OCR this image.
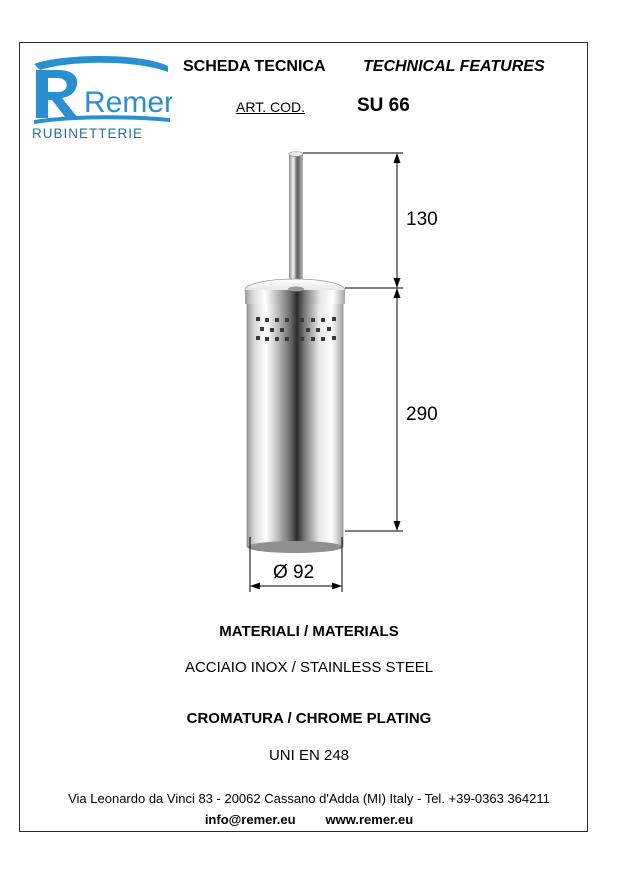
Remer
RUBINETTERIE
SCHEDA TECNICA TECHNICAL FEATURES
ART. COD.	SU 66
130
290
Ø 92
MATERIALI / MATERIALS
ACCIAIO INOX / STAINLESS STEEL
CROMATURA / CHROME PLATING
UNI EN 248
Via Leonardo da Vinci 83 - 20062 Cassano d'Adda (MI) Italy - Tel. +39-0363 364211
info@remer.eu www.remer.eu
